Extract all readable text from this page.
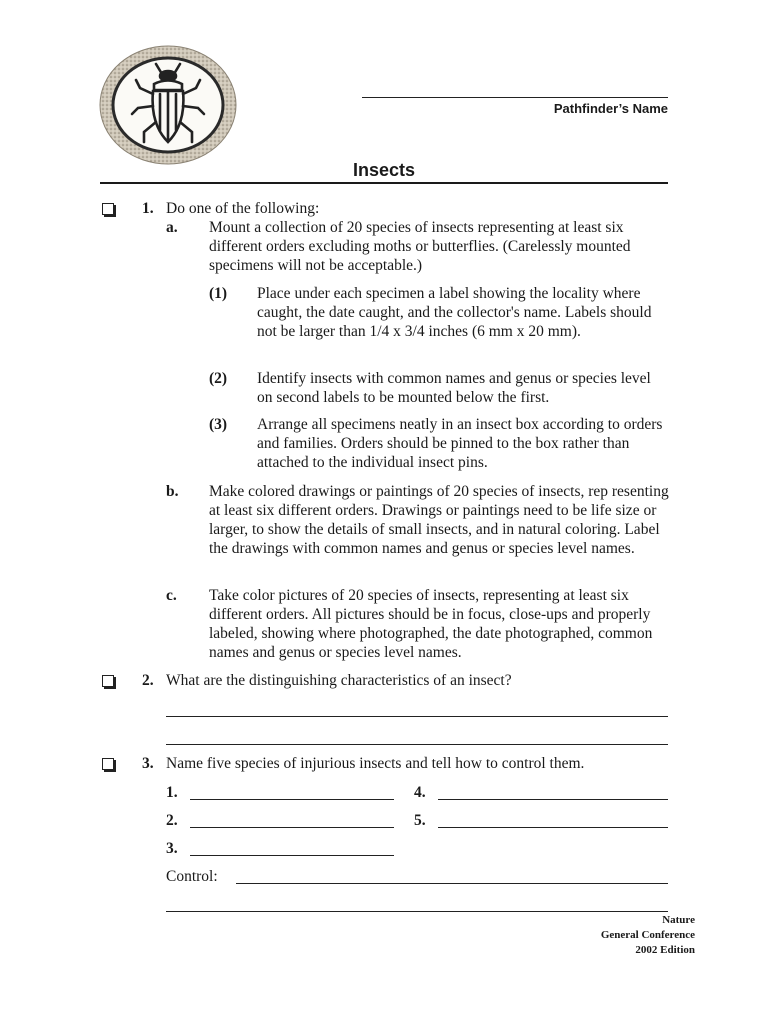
Pathfinder’s Name
Insects
1. Do one of the following:
a. Mount a collection of 20 species of insects representing at least six different orders excluding moths or butterflies. (Carelessly mounted specimens will not be acceptable.)
(1) Place under each specimen a label showing the locality where caught, the date caught, and the collector's name. Labels should not be larger than 1/4 x 3/4 inches (6 mm x 20 mm).
(2) Identify insects with common names and genus or species level on second labels to be mounted below the first.
(3) Arrange all specimens neatly in an insect box according to orders and families. Orders should be pinned to the box rather than attached to the individual insect pins.
b. Make colored drawings or paintings of 20 species of insects, rep resenting at least six different orders. Drawings or paintings need to be life size or larger, to show the details of small insects, and in natural coloring. Label the drawings with common names and genus or species level names.
c. Take color pictures of 20 species of insects, representing at least six different orders. All pictures should be in focus, close-ups and properly labeled, showing where photographed, the date photographed, common names and genus or species level names.
2. What are the distinguishing characteristics of an insect?
3. Name five species of injurious insects and tell how to control them.
1.
2.
3.
4.
5.
Control:
Nature
General Conference
2002 Edition
